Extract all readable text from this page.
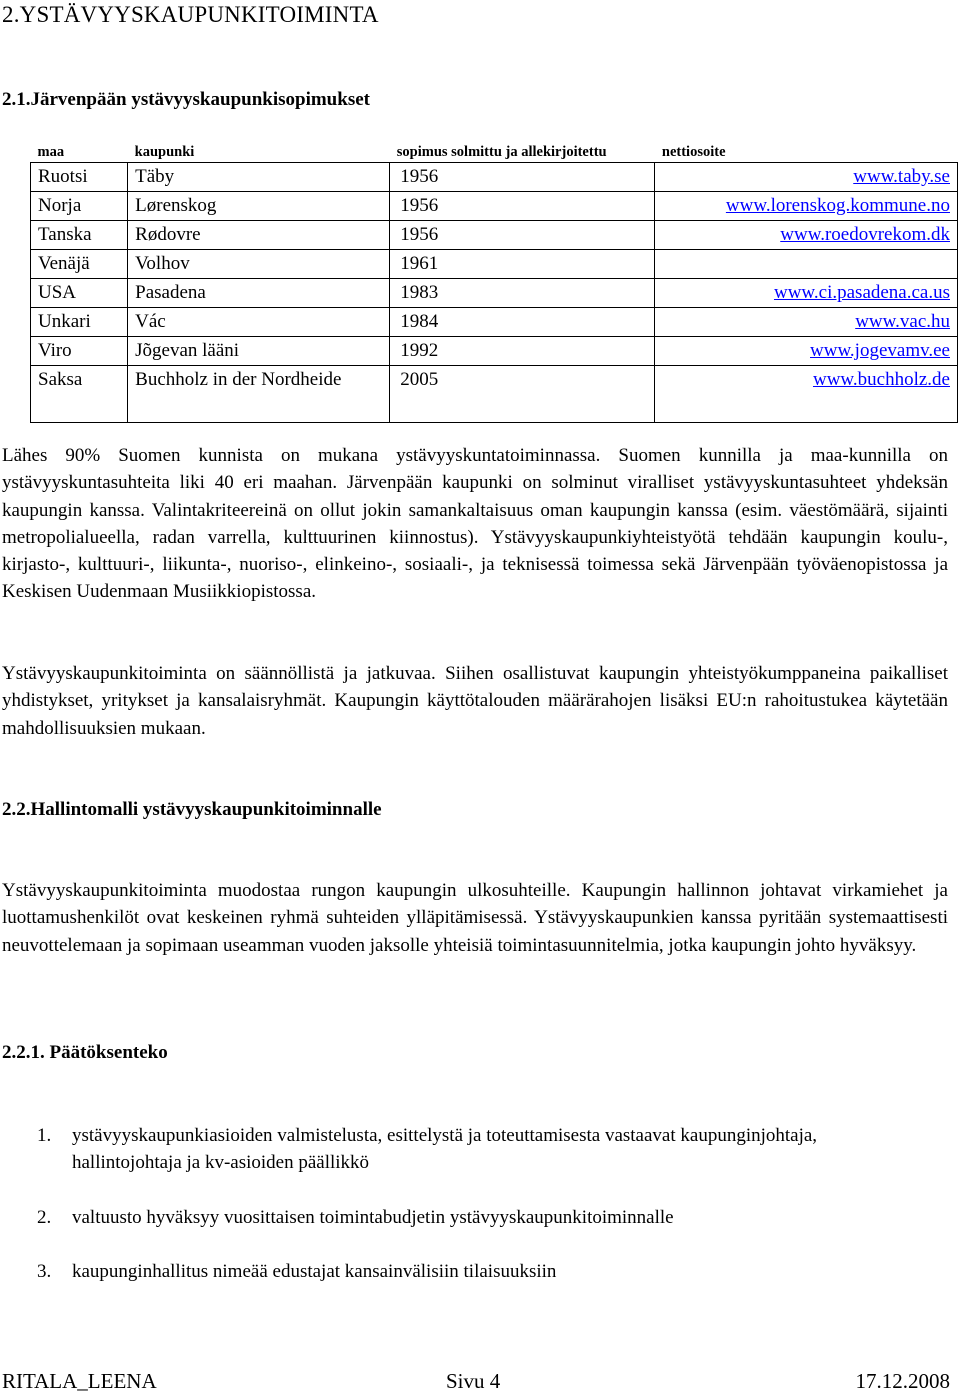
2.YSTÄVYYSKAUPUNKITOIMINTA
2.1.Järvenpään ystävyyskaupunkisopimukset
maa	kaupunki	sopimus solmittu ja allekirjoitettu	nettiosoite
Ruotsi	Täby	1956	www.taby.se
Norja	Lørenskog	1956	www.lorenskog.kommune.no
Tanska	Rødovre	1956	www.roedovrekom.dk
Venäjä	Volhov	1961	
USA	Pasadena	1983	www.ci.pasadena.ca.us
Unkari	Vác	1984	www.vac.hu
Viro	Jõgevan lääni	1992	www.jogevamv.ee
Saksa	Buchholz in der Nordheide	2005	www.buchholz.de

Lähes 90% Suomen kunnista on mukana ystävyyskuntatoiminnassa. Suomen kunnilla ja maa-kunnilla on ystävyyskuntasuhteita liki 40 eri maahan. Järvenpään kaupunki on solminut viralliset ystävyyskuntasuhteet yhdeksän kaupungin kanssa. Valintakriteereinä on ollut jokin samankaltaisuus oman kaupungin kanssa (esim. väestömäärä, sijainti metropolialueella, radan varrella, kulttuurinen kiinnostus). Ystävyyskaupunkiyhteistyötä tehdään kaupungin koulu-, kirjasto-, kulttuuri-, liikunta-, nuoriso-, elinkeino-, sosiaali-, ja teknisessä toimessa sekä Järvenpään työväenopistossa ja Keskisen Uudenmaan Musiikkiopistossa.

Ystävyyskaupunkitoiminta on säännöllistä ja jatkuvaa. Siihen osallistuvat kaupungin yhteistyökumppaneina paikalliset yhdistykset, yritykset ja kansalaisryhmät. Kaupungin käyttötalouden määrärahojen lisäksi EU:n rahoitustukea käytetään mahdollisuuksien mukaan.

2.2.Hallintomalli ystävyyskaupunkitoiminnalle

Ystävyyskaupunkitoiminta muodostaa rungon kaupungin ulkosuhteille. Kaupungin hallinnon johtavat virkamiehet ja luottamushenkilöt ovat keskeinen ryhmä suhteiden ylläpitämisessä. Ystävyyskaupunkien kanssa pyritään systemaattisesti neuvottelemaan ja sopimaan useamman vuoden jaksolle yhteisiä toimintasuunnitelmia, jotka kaupungin johto hyväksyy.

2.2.1. Päätöksenteko
1. ystävyyskaupunkiasioiden valmistelusta, esittelystä ja toteuttamisesta vastaavat kaupunginjohtaja, hallintojohtaja ja kv-asioiden päällikkö
2. valtuusto hyväksyy vuosittaisen toimintabudjetin ystävyyskaupunkitoiminnalle
3. kaupunginhallitus nimeää edustajat kansainvälisiin tilaisuuksiin
RITALA_LEENA	Sivu 4	17.12.2008
